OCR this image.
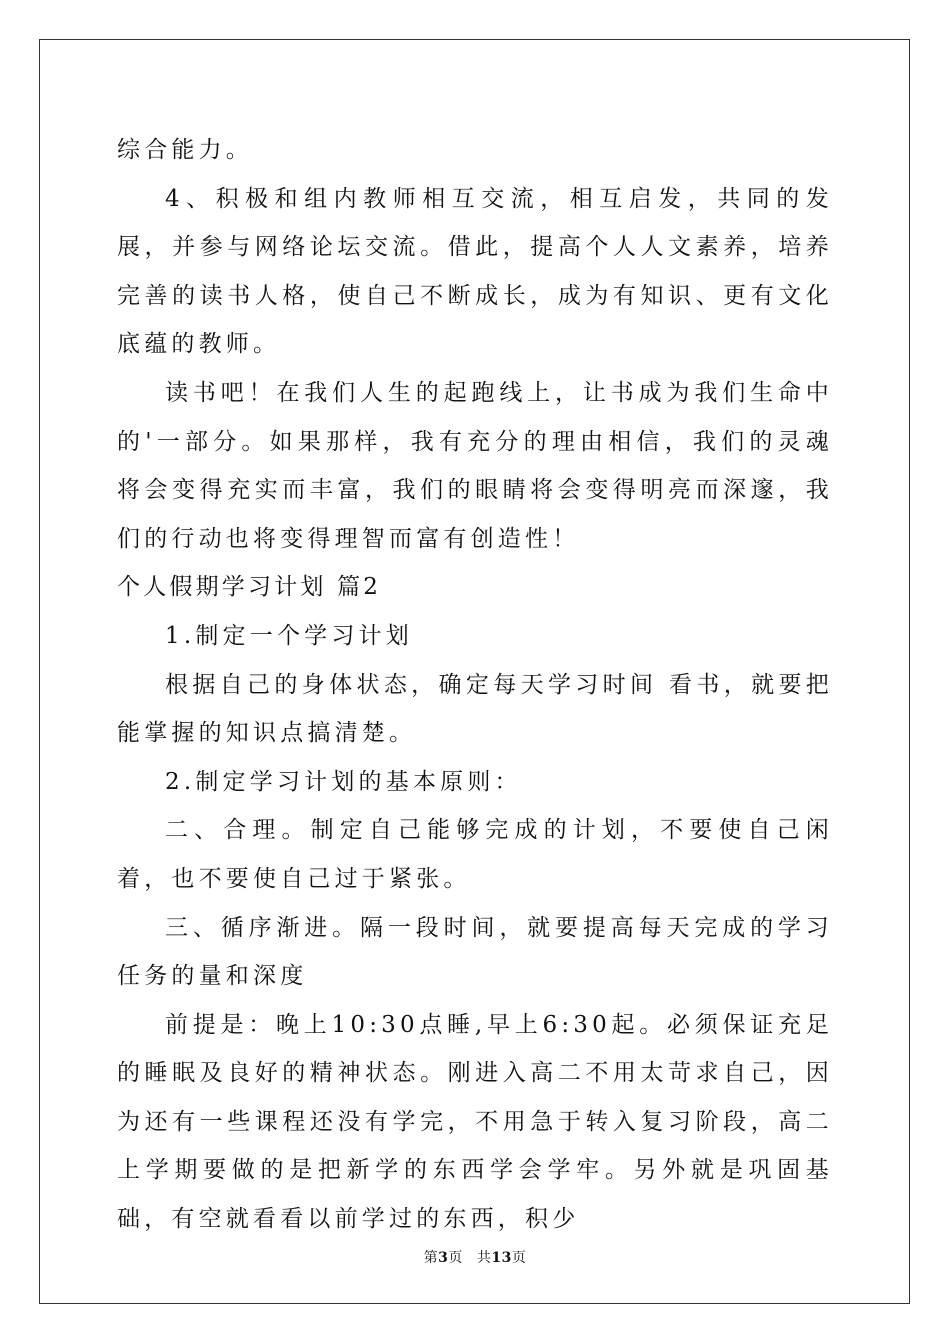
综合能力。

4、积极和组内教师相互交流，相互启发，共同的发展，并参与网络论坛交流。借此，提高个人人文素养，培养完善的读书人格，使自己不断成长，成为有知识、更有文化底蕴的教师。

读书吧！在我们人生的起跑线上，让书成为我们生命中的'一部分。如果那样，我有充分的理由相信，我们的灵魂将会变得充实而丰富，我们的眼睛将会变得明亮而深邃，我们的行动也将变得理智而富有创造性！

个人假期学习计划 篇2

1.制定一个学习计划

根据自己的身体状态，确定每天学习时间 看书，就要把能掌握的知识点搞清楚。

2.制定学习计划的基本原则：

二、合理。制定自己能够完成的计划，不要使自己闲着，也不要使自己过于紧张。

三、循序渐进。隔一段时间，就要提高每天完成的学习任务的量和深度

前提是：晚上10:30点睡,早上6:30起。必须保证充足的睡眠及良好的精神状态。刚进入高二不用太苛求自己，因为还有一些课程还没有学完，不用急于转入复习阶段，高二上学期要做的是把新学的东西学会学牢。另外就是巩固基础，有空就看看以前学过的东西，积少

第3页 共13页
